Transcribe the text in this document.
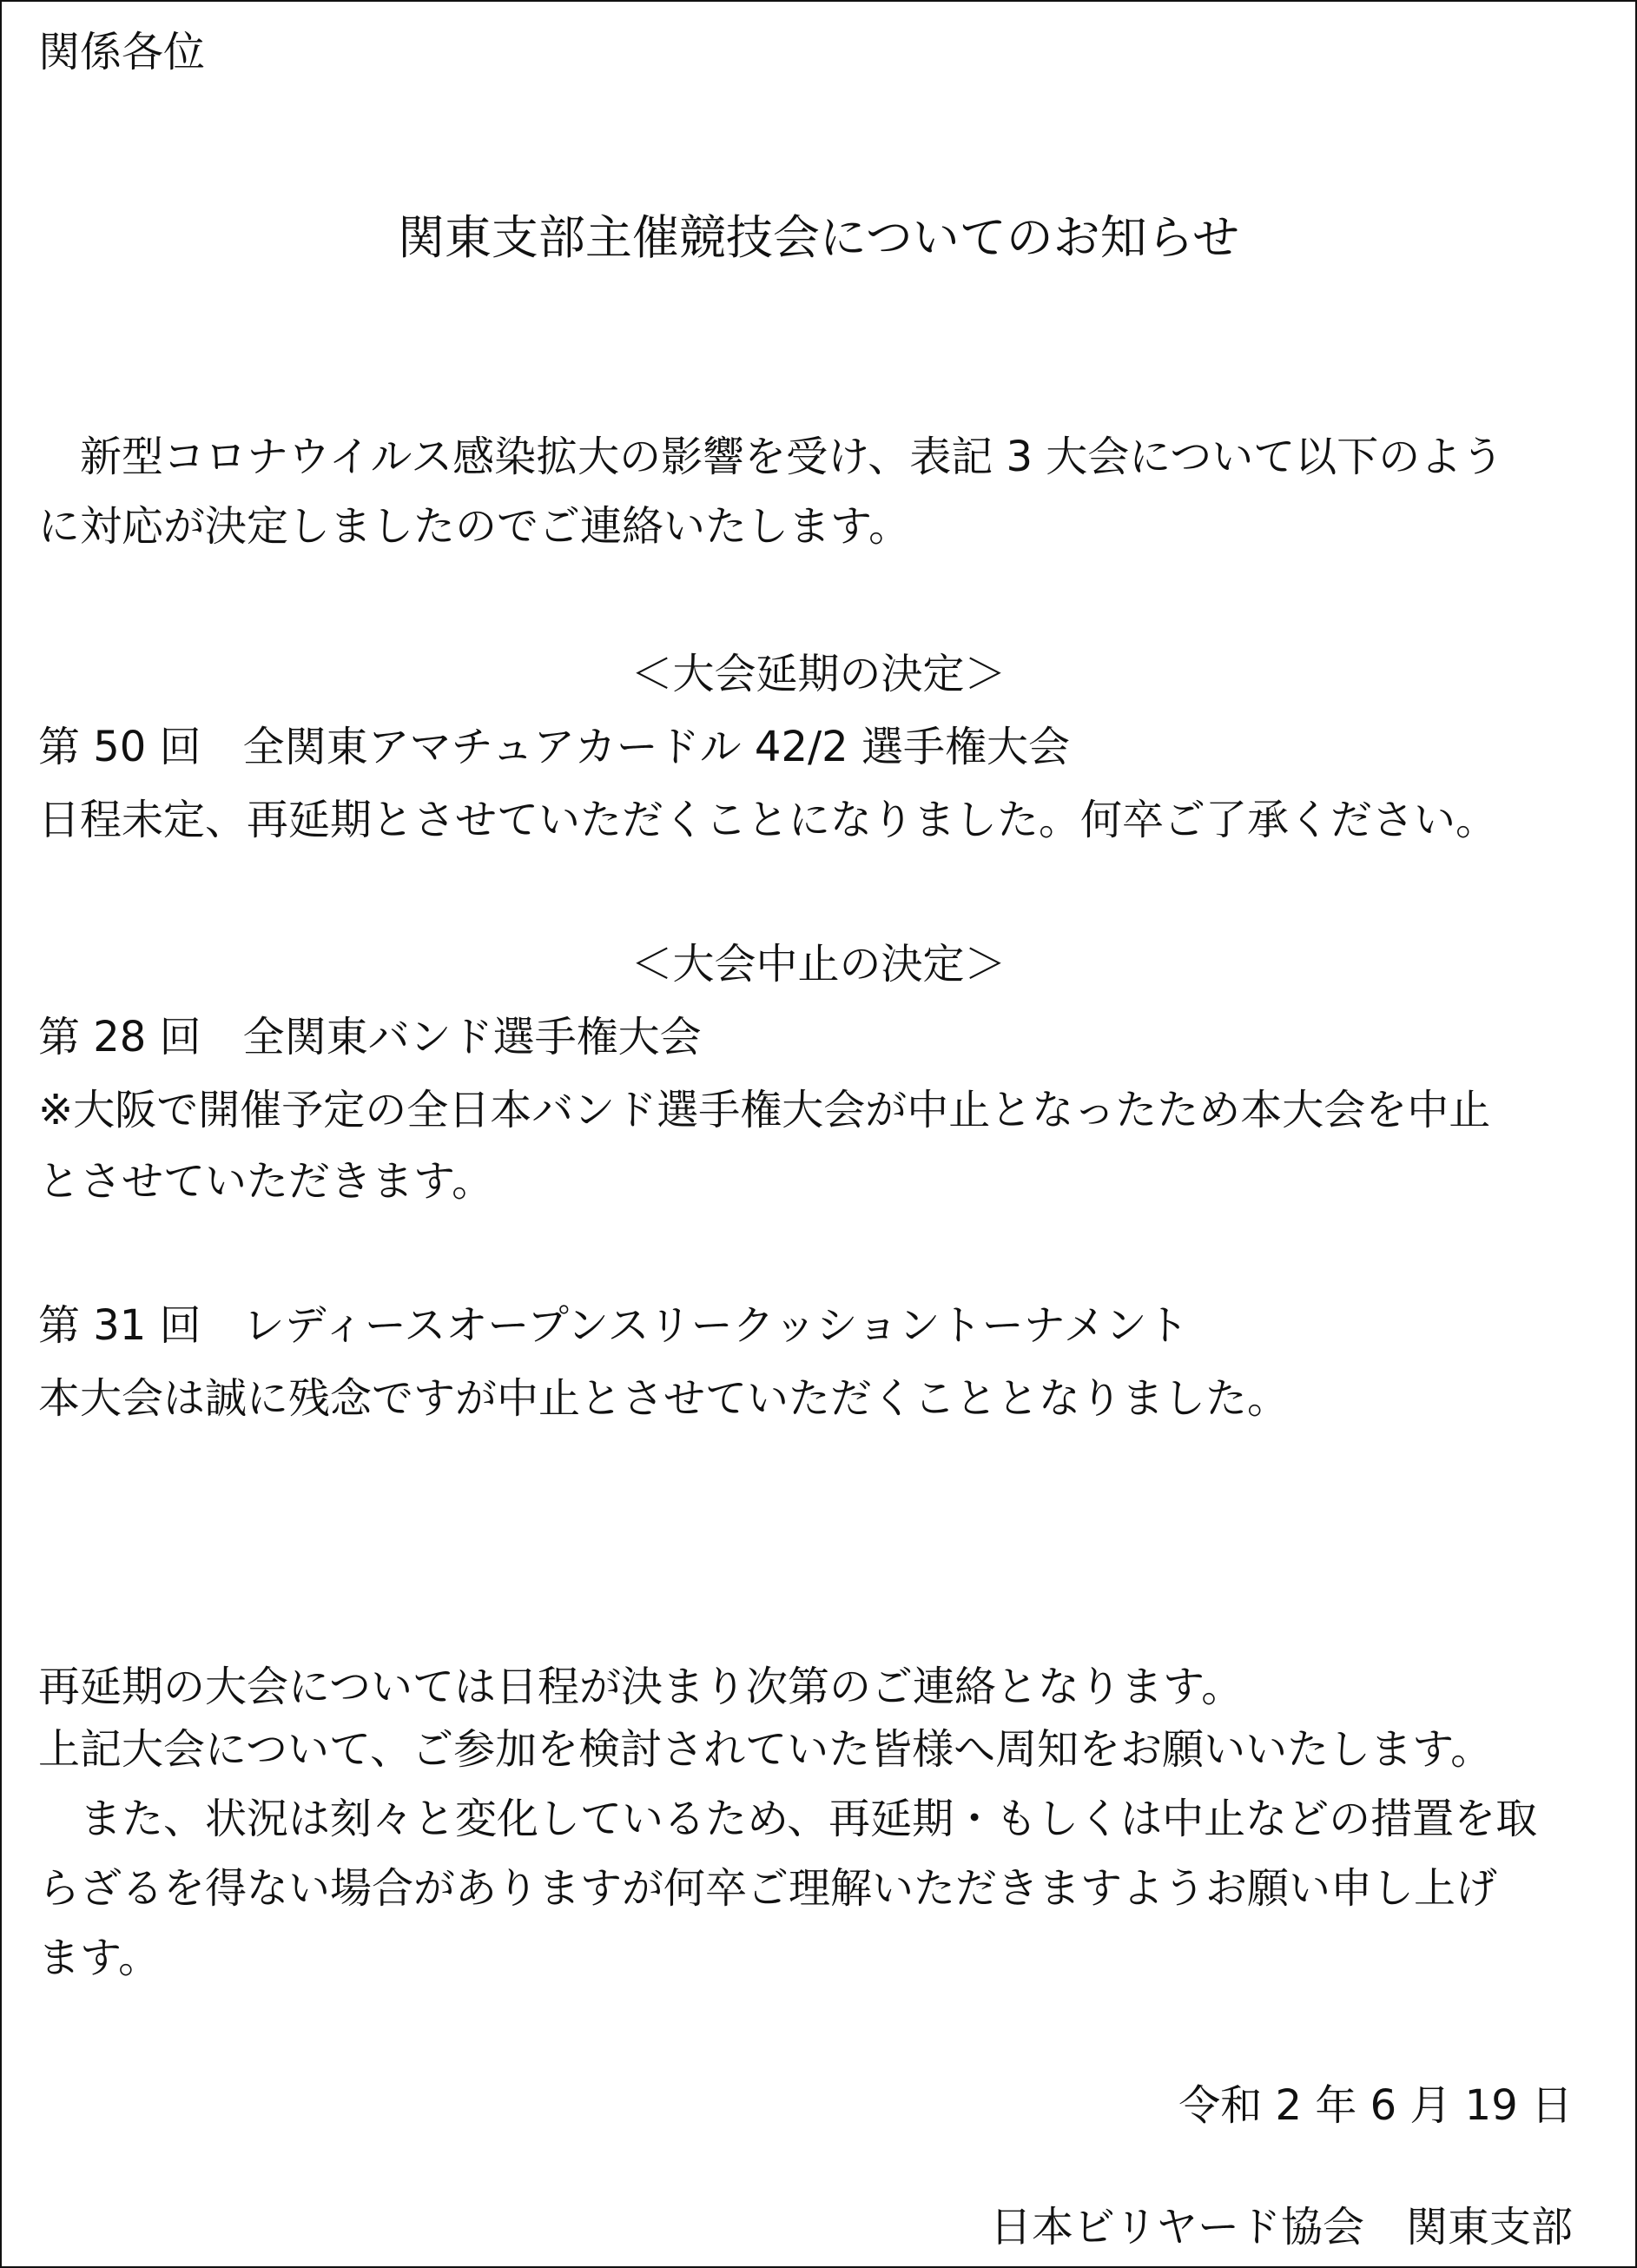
関係各位

関東支部主催競技会についてのお知らせ

　新型コロナウイルス感染拡大の影響を受け、表記 3 大会について以下のよう

に対応が決定しましたのでご連絡いたします。

＜大会延期の決定＞

第 50 回　全関東アマチュアカードル 42/2 選手権大会

日程未定、再延期とさせていただくことになりました。何卒ご了承ください。

＜大会中止の決定＞

第 28 回　全関東バンド選手権大会

※大阪で開催予定の全日本バンド選手権大会が中止となったため本大会を中止

とさせていただきます。

第 31 回　レディースオープンスリークッショントーナメント

本大会は誠に残念ですが中止とさせていただくこととなりました。

再延期の大会については日程が決まり次第のご連絡となります。

上記大会について、ご参加を検討されていた皆様へ周知をお願いいたします。

　また、状況は刻々と変化しているため、再延期・もしくは中止などの措置を取

らざるを得ない場合がありますが何卒ご理解いただきますようお願い申し上げ

ます。

令和 2 年 6 月 19 日

日本ビリヤード協会　関東支部
